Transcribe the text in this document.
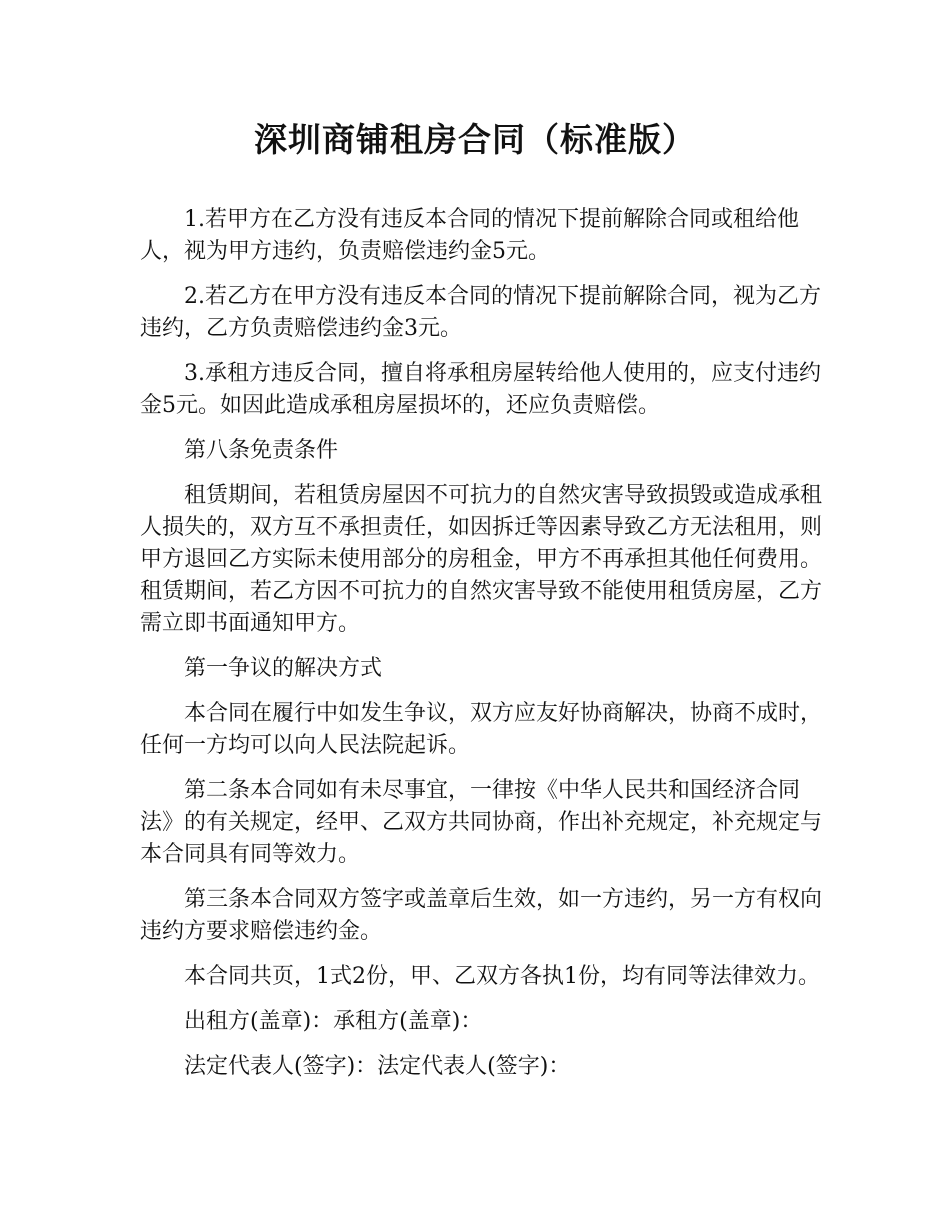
深圳商铺租房合同（标准版）

1.若甲方在乙方没有违反本合同的情况下提前解除合同或租给他人，视为甲方违约，负责赔偿违约金5元。

2.若乙方在甲方没有违反本合同的情况下提前解除合同，视为乙方违约，乙方负责赔偿违约金3元。

3.承租方违反合同，擅自将承租房屋转给他人使用的，应支付违约金5元。如因此造成承租房屋损坏的，还应负责赔偿。

第八条免责条件

租赁期间，若租赁房屋因不可抗力的自然灾害导致损毁或造成承租人损失的，双方互不承担责任，如因拆迁等因素导致乙方无法租用，则甲方退回乙方实际未使用部分的房租金，甲方不再承担其他任何费用。租赁期间，若乙方因不可抗力的自然灾害导致不能使用租赁房屋，乙方需立即书面通知甲方。

第一争议的解决方式

本合同在履行中如发生争议，双方应友好协商解决，协商不成时，任何一方均可以向人民法院起诉。

第二条本合同如有未尽事宜，一律按《中华人民共和国经济合同法》的有关规定，经甲、乙双方共同协商，作出补充规定，补充规定与本合同具有同等效力。

第三条本合同双方签字或盖章后生效，如一方违约，另一方有权向违约方要求赔偿违约金。

本合同共页，1式2份，甲、乙双方各执1份，均有同等法律效力。

出租方(盖章)：承租方(盖章)：

法定代表人(签字)：法定代表人(签字)：
